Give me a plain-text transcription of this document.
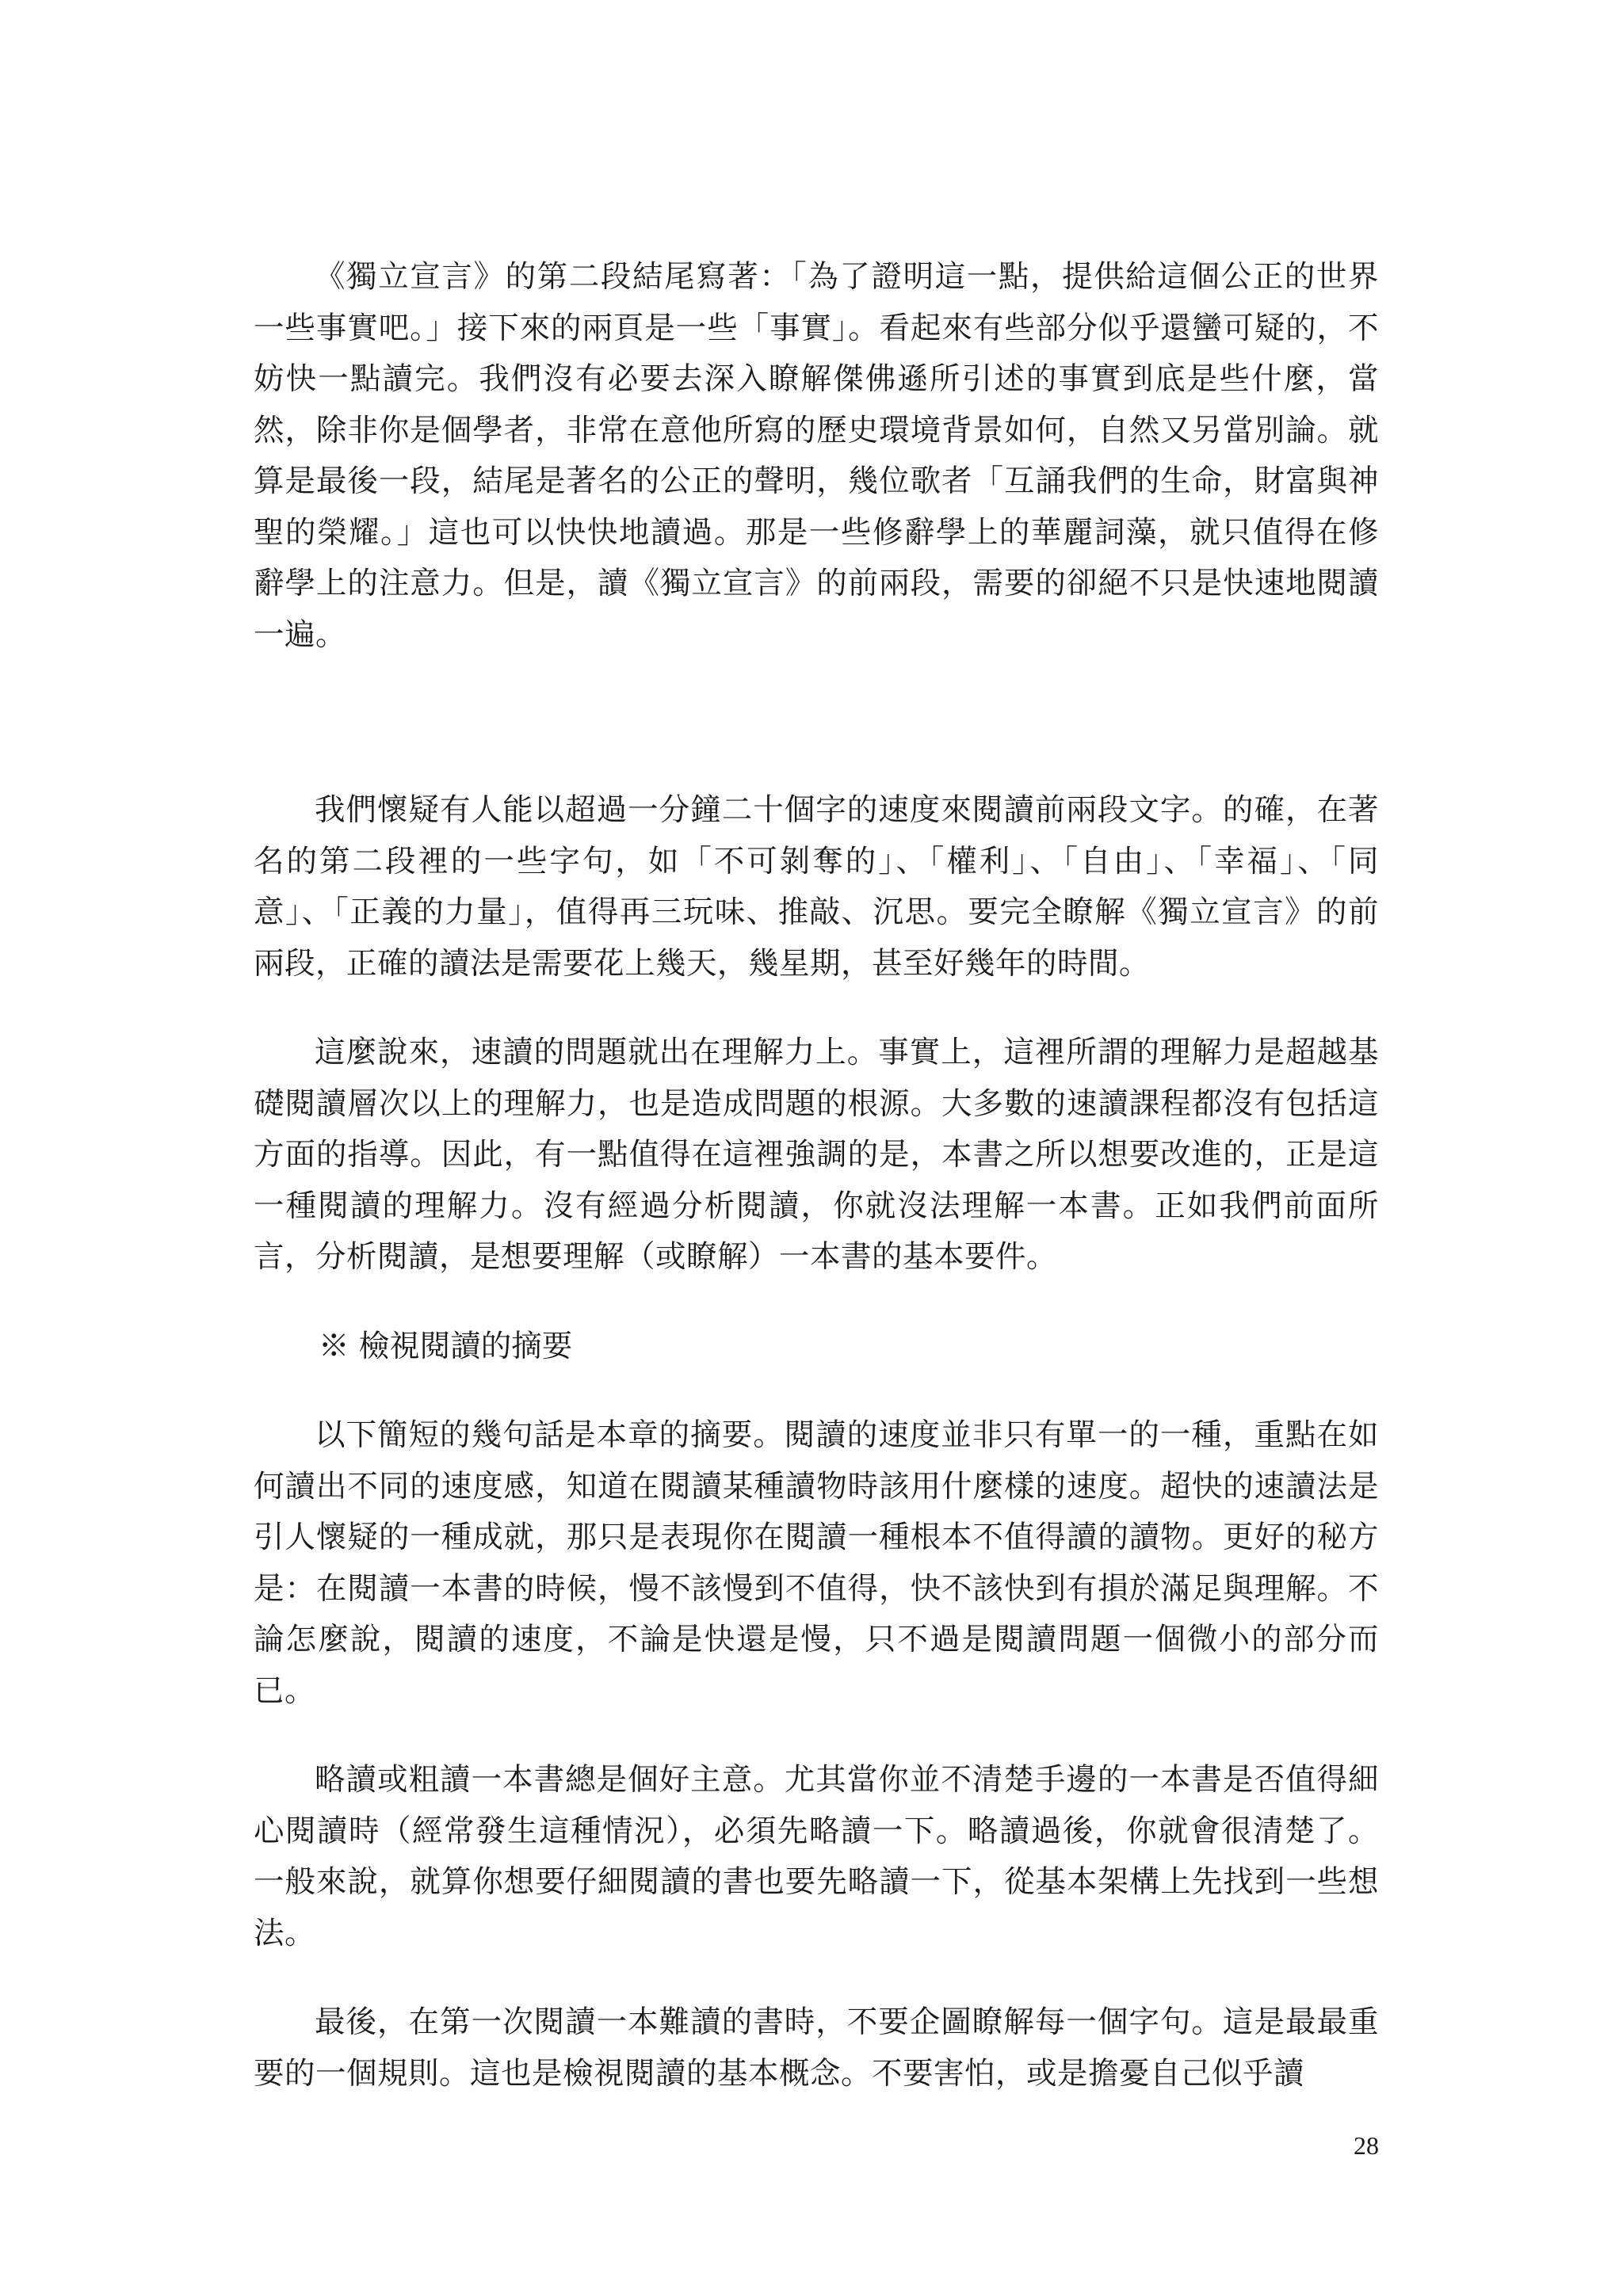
《獨立宣言》的第二段結尾寫著：「為了證明這一點，提供給這個公正的世界一些事實吧。」接下來的兩頁是一些「事實」。看起來有些部分似乎還蠻可疑的，不妨快一點讀完。我們沒有必要去深入瞭解傑佛遜所引述的事實到底是些什麼，當然，除非你是個學者，非常在意他所寫的歷史環境背景如何，自然又另當別論。就算是最後一段，結尾是著名的公正的聲明，幾位歌者「互誦我們的生命，財富與神聖的榮耀。」這也可以快快地讀過。那是一些修辭學上的華麗詞藻，就只值得在修辭學上的注意力。但是，讀《獨立宣言》的前兩段，需要的卻絕不只是快速地閱讀一遍。

我們懷疑有人能以超過一分鐘二十個字的速度來閱讀前兩段文字。的確，在著名的第二段裡的一些字句，如「不可剝奪的」、「權利」、「自由」、「幸福」、「同意」、「正義的力量」，值得再三玩味、推敲、沉思。要完全瞭解《獨立宣言》的前兩段，正確的讀法是需要花上幾天，幾星期，甚至好幾年的時間。

這麼說來，速讀的問題就出在理解力上。事實上，這裡所謂的理解力是超越基礎閱讀層次以上的理解力，也是造成問題的根源。大多數的速讀課程都沒有包括這方面的指導。因此，有一點值得在這裡強調的是，本書之所以想要改進的，正是這一種閱讀的理解力。沒有經過分析閱讀，你就沒法理解一本書。正如我們前面所言，分析閱讀，是想要理解（或瞭解）一本書的基本要件。

※ 檢視閱讀的摘要

以下簡短的幾句話是本章的摘要。閱讀的速度並非只有單一的一種，重點在如何讀出不同的速度感，知道在閱讀某種讀物時該用什麼樣的速度。超快的速讀法是引人懷疑的一種成就，那只是表現你在閱讀一種根本不值得讀的讀物。更好的秘方是：在閱讀一本書的時候，慢不該慢到不值得，快不該快到有損於滿足與理解。不論怎麼說，閱讀的速度，不論是快還是慢，只不過是閱讀問題一個微小的部分而已。

略讀或粗讀一本書總是個好主意。尤其當你並不清楚手邊的一本書是否值得細心閱讀時（經常發生這種情況），必須先略讀一下。略讀過後，你就會很清楚了。一般來說，就算你想要仔細閱讀的書也要先略讀一下，從基本架構上先找到一些想法。

最後，在第一次閱讀一本難讀的書時，不要企圖瞭解每一個字句。這是最最重要的一個規則。這也是檢視閱讀的基本概念。不要害怕，或是擔憂自己似乎讀

28
